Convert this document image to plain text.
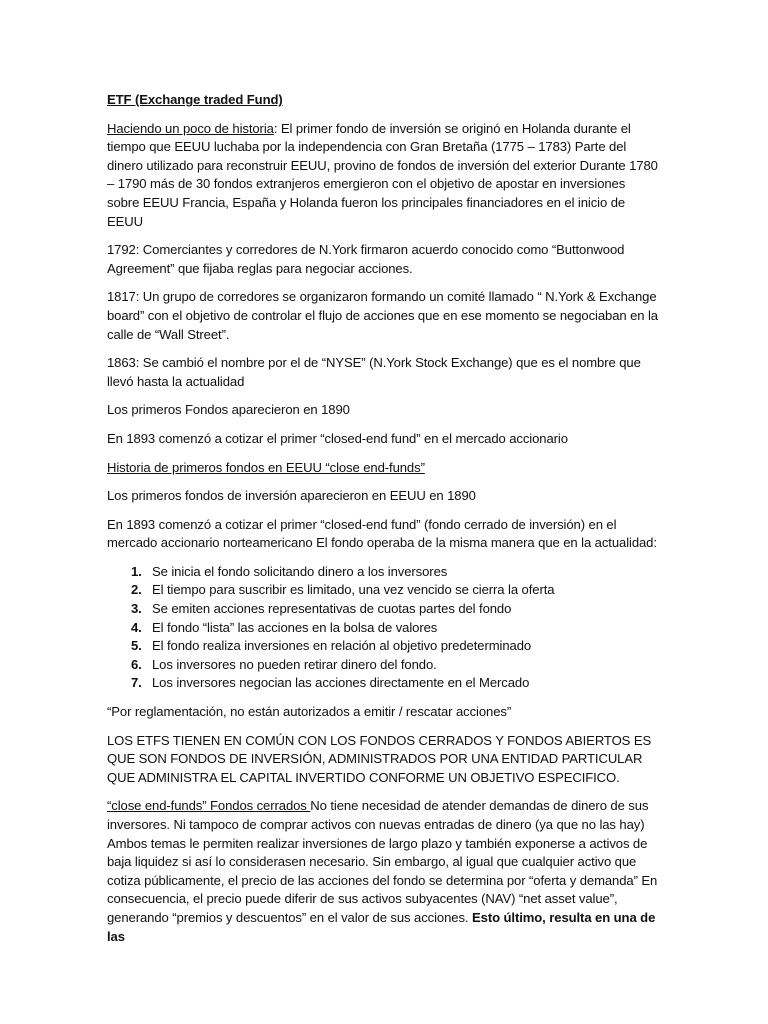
ETF (Exchange traded Fund)
Haciendo un poco de historia: El primer fondo de inversión se originó en Holanda durante el tiempo que EEUU luchaba por la independencia con Gran Bretaña (1775 – 1783) Parte del dinero utilizado para reconstruir EEUU, provino de fondos de inversión del exterior Durante 1780 – 1790 más de 30 fondos extranjeros emergieron con el objetivo de apostar en inversiones sobre EEUU Francia, España y Holanda fueron los principales financiadores en el inicio de EEUU
1792: Comerciantes y corredores de N.York firmaron acuerdo conocido como “Buttonwood Agreement” que fijaba reglas para negociar acciones.
1817: Un grupo de corredores se organizaron formando un comité llamado “ N.York & Exchange board” con el objetivo de controlar el flujo de acciones que en ese momento se negociaban en la calle de “Wall Street”.
1863: Se cambió el nombre por el de “NYSE” (N.York Stock Exchange) que es el nombre que llevó hasta la actualidad
Los primeros Fondos aparecieron en 1890
En 1893 comenzó a cotizar el primer “closed-end fund” en el mercado accionario
Historia de primeros fondos en EEUU “close end-funds”
Los primeros fondos de inversión aparecieron en EEUU en 1890
En 1893 comenzó a cotizar el primer “closed-end fund” (fondo cerrado de inversión) en el mercado accionario norteamericano El fondo operaba de la misma manera que en la actualidad:
1. Se inicia el fondo solicitando dinero a los inversores
2. El tiempo para suscribir es limitado, una vez vencido se cierra la oferta
3. Se emiten acciones representativas de cuotas partes del fondo
4. El fondo “lista” las acciones en la bolsa de valores
5. El fondo realiza inversiones en relación al objetivo predeterminado
6. Los inversores no pueden retirar dinero del fondo.
7. Los inversores negocian las acciones directamente en el Mercado
“Por reglamentación, no están autorizados a emitir / rescatar acciones”
LOS ETFS TIENEN EN COMÚN CON LOS FONDOS CERRADOS Y FONDOS ABIERTOS ES QUE SON FONDOS DE INVERSIÓN, ADMINISTRADOS POR UNA ENTIDAD PARTICULAR QUE ADMINISTRA EL CAPITAL INVERTIDO CONFORME UN OBJETIVO ESPECIFICO.
“close end-funds” Fondos cerrados No tiene necesidad de atender demandas de dinero de sus inversores. Ni tampoco de comprar activos con nuevas entradas de dinero (ya que no las hay) Ambos temas le permiten realizar inversiones de largo plazo y también exponerse a activos de baja liquidez si así lo considerasen necesario. Sin embargo, al igual que cualquier activo que cotiza públicamente, el precio de las acciones del fondo se determina por “oferta y demanda” En consecuencia, el precio puede diferir de sus activos subyacentes (NAV) “net asset value”, generando “premios y descuentos” en el valor de sus acciones. Esto último, resulta en una de las
